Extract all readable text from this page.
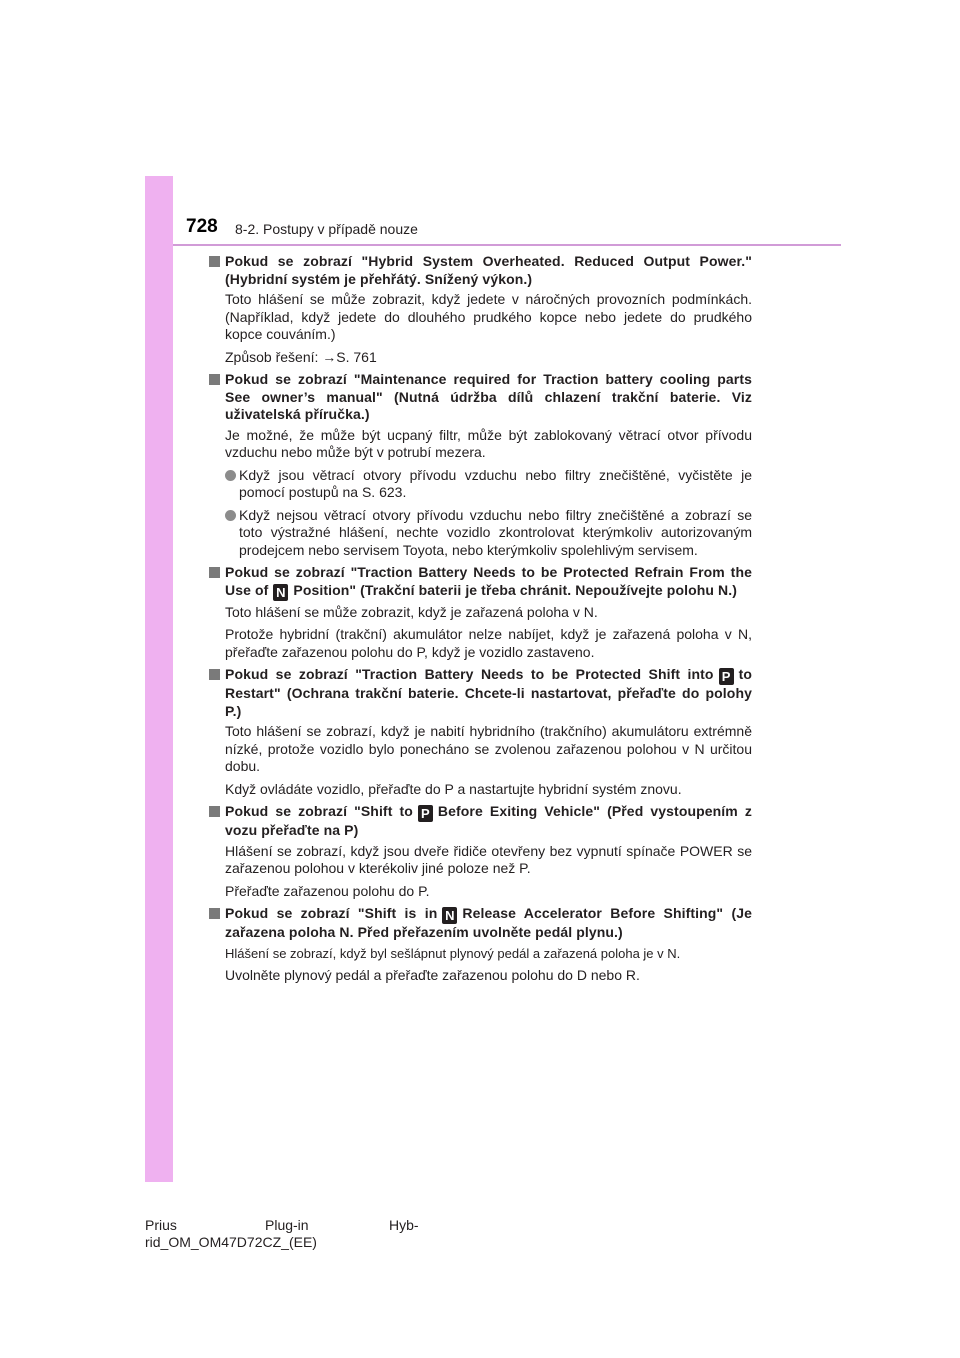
728 8-2. Postupy v případě nouze
Pokud se zobrazí "Hybrid System Overheated. Reduced Output Power." (Hybridní systém je přehřátý. Snížený výkon.)
Toto hlášení se může zobrazit, když jedete v náročných provozních podmínkách. (Například, když jedete do dlouhého prudkého kopce nebo jedete do prudkého kopce couváním.)
Způsob řešení: →S. 761
Pokud se zobrazí "Maintenance required for Traction battery cooling parts See owner’s manual" (Nutná údržba dílů chlazení trakční baterie. Viz uživatelská příručka.)
Je možné, že může být ucpaný filtr, může být zablokovaný větrací otvor přívodu vzduchu nebo může být v potrubí mezera.
Když jsou větrací otvory přívodu vzduchu nebo filtry znečištěné, vyčistěte je pomocí postupů na S. 623.
Když nejsou větrací otvory přívodu vzduchu nebo filtry znečištěné a zobrazí se toto výstražné hlášení, nechte vozidlo zkontrolovat kterýmkoliv autorizovaným prodejcem nebo servisem Toyota, nebo kterýmkoliv spolehlivým servisem.
Pokud se zobrazí "Traction Battery Needs to be Protected Refrain From the Use of N Position" (Trakční baterii je třeba chránit. Nepoužívejte polohu N.)
Toto hlášení se může zobrazit, když je zařazená poloha v N.
Protože hybridní (trakční) akumulátor nelze nabíjet, když je zařazená poloha v N, přeřaďte zařazenou polohu do P, když je vozidlo zastaveno.
Pokud se zobrazí "Traction Battery Needs to be Protected Shift into P to Restart" (Ochrana trakční baterie. Chcete-li nastartovat, přeřaďte do polohy P.)
Toto hlášení se zobrazí, když je nabití hybridního (trakčního) akumulátoru extrémně nízké, protože vozidlo bylo ponecháno se zvolenou zařazenou polohou v N určitou dobu.
Když ovládáte vozidlo, přeřaďte do P a nastartujte hybridní systém znovu.
Pokud se zobrazí "Shift to P Before Exiting Vehicle" (Před vystoupením z vozu přeřaďte na P)
Hlášení se zobrazí, když jsou dveře řidiče otevřeny bez vypnutí spínače POWER se zařazenou polohou v kterékoliv jiné poloze než P.
Přeřaďte zařazenou polohu do P.
Pokud se zobrazí "Shift is in N Release Accelerator Before Shifting" (Je zařazena poloha N. Před přeřazením uvolněte pedál plynu.)
Hlášení se zobrazí, když byl sešlápnut plynový pedál a zařazená poloha je v N.
Uvolněte plynový pedál a přeřaďte zařazenou polohu do D nebo R.
Prius	Plug-in	Hyb-
rid_OM_OM47D72CZ_(EE)
